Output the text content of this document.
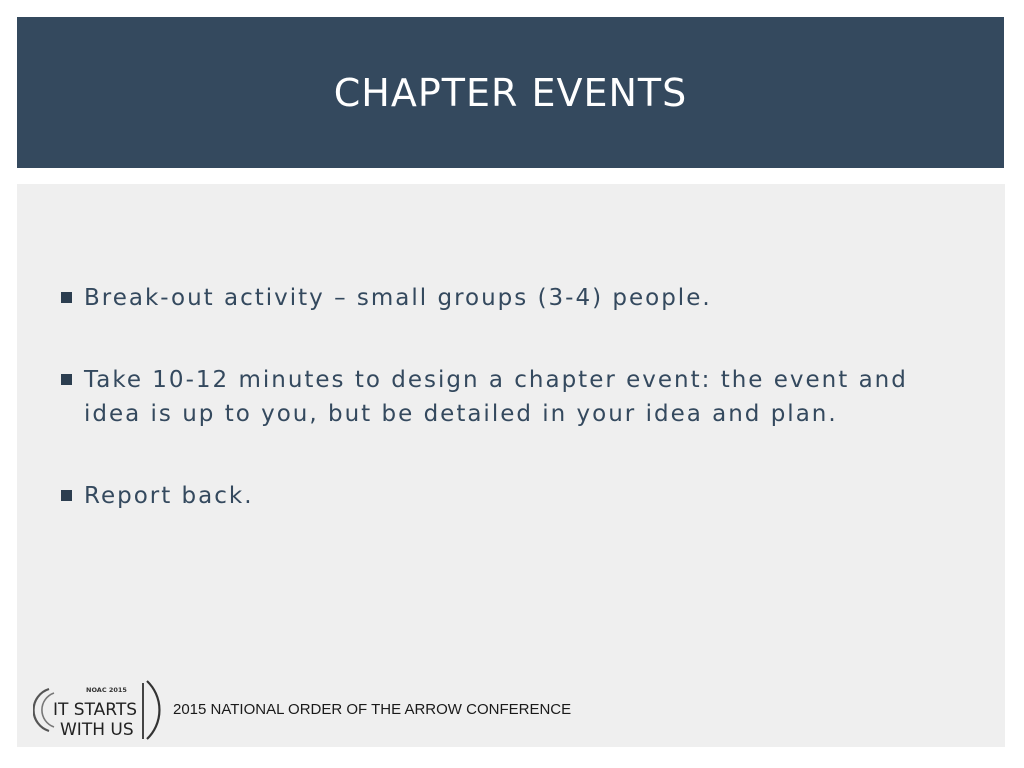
CHAPTER EVENTS
Break-out activity – small groups (3-4) people.
Take 10-12 minutes to design a chapter event: the event and idea is up to you, but be detailed in your idea and plan.
Report back.
NOAC 2015
IT STARTS
WITH US
2015 NATIONAL ORDER OF THE ARROW CONFERENCE
